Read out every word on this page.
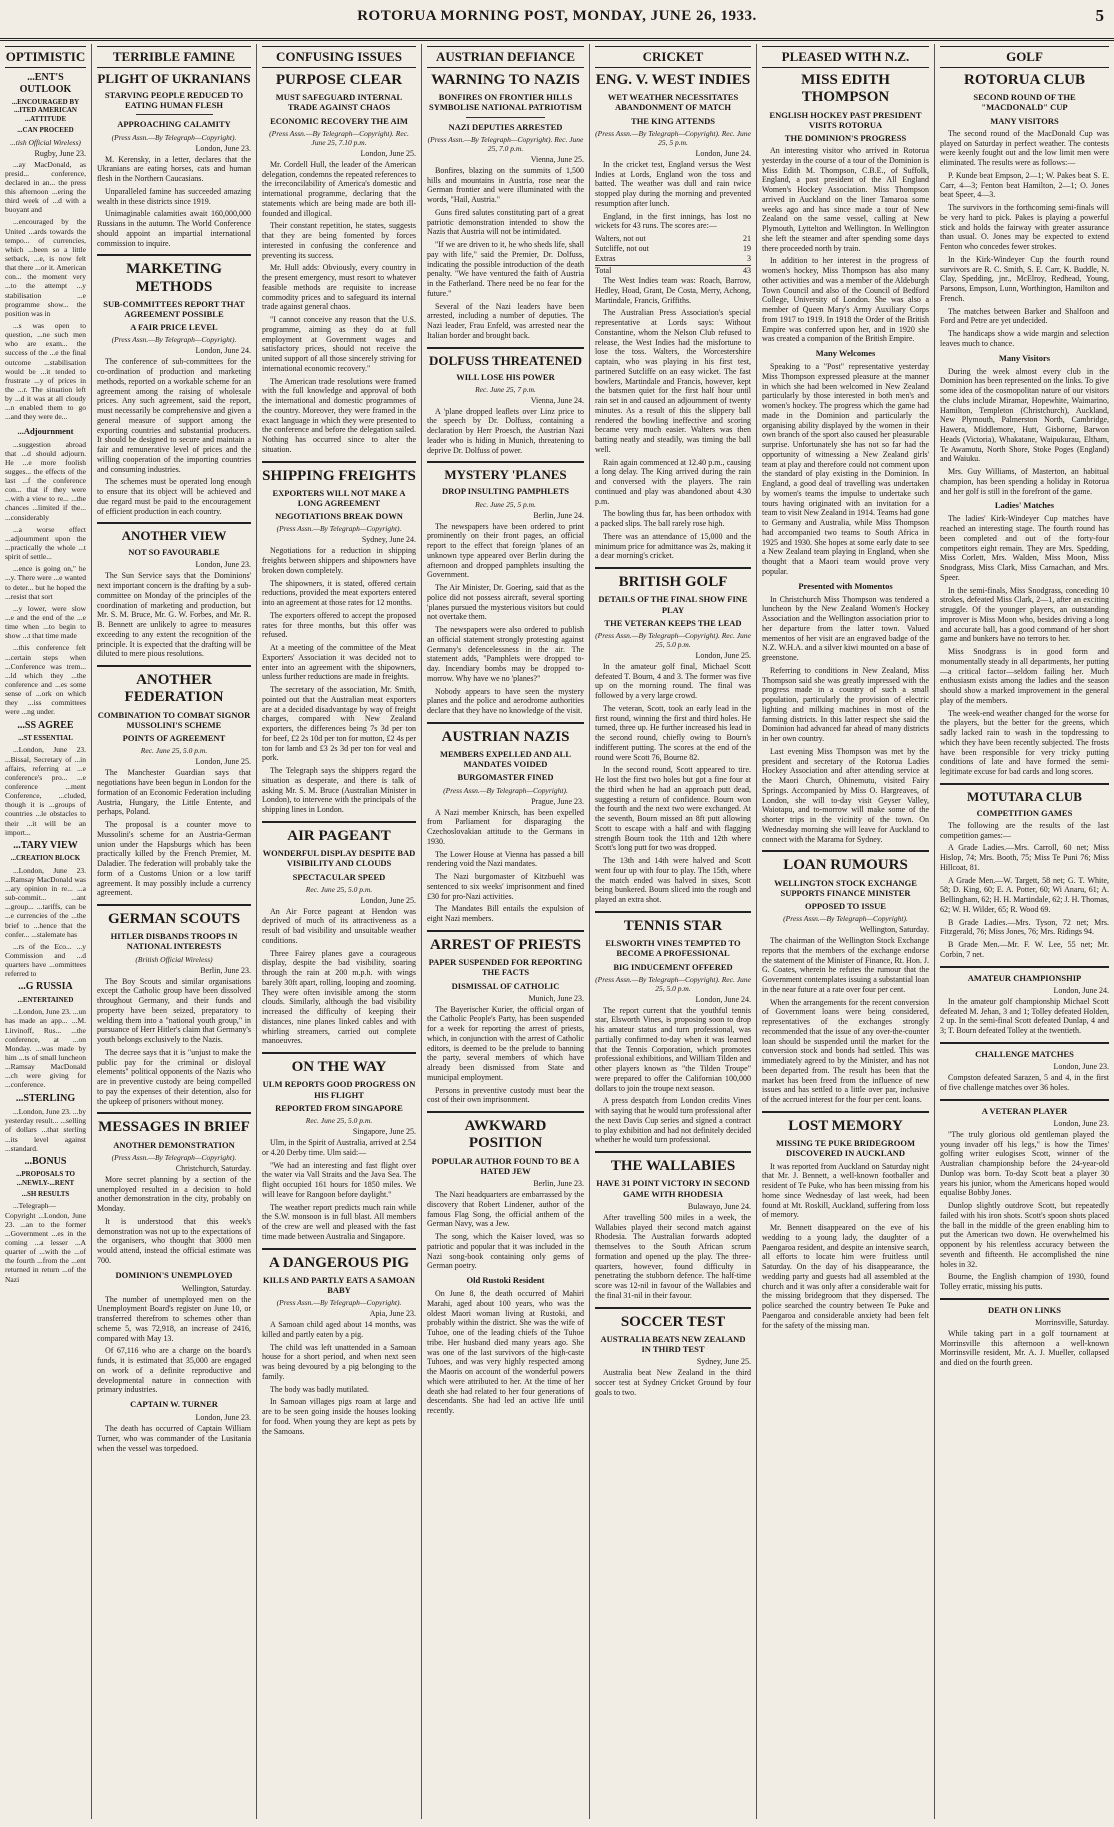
ROTORUA MORNING POST, MONDAY, JUNE 26, 1933.	5
OPTIMISTIC
...ENT'S OUTLOOK
...ENCOURAGED BY ...ITED AMERICAN ...ATTITUDE
...CAN PROCEED
...tish Official Wireless)
Rugby, June 23.

...ay MacDonald, as presid... conference, declared in an... the press this afternoon ...ering the third week of ...d with a buoyant and

...encouraged by the United ...ards towards the tempo... of currencies, which ...been so a little setback, ...e, is now felt that there ...or it. American con... the moment very ...to the attempt ...y stabilisation ...e programme show... the position was in

...s was open to question, ...ne such men who are exam... the success of the ...e the final outcome ...stabilisation would be ...it tended to frustrate ...y of prices in the ...r. The situation left by ...d it was at all cloudy ...n enabled them to go ...and they were de...

...Adjournment

...suggestion abroad that ...d should adjourn. He ...e more foolish sugges... the effects of the last ...f the conference con... that if they were ...with a view to re... ...the chances ...limited if the... ...considerably

...a worse effect ...adjournment upon the ...practically the whole ...t spirit of settle...

...ence is going on," he ...y. There were ...e wanted to deter... but he hoped the ...resist that sort

...y lower, were slow ...e and the end of the ...e time when ...to begin to show ...t that time made

...this conference felt ...certain steps when ...Conference was trem... ...ld which they ...the conference and ...es some sense of ...ork on which they ...iss committees were ...ng under.

...SS AGREE
...ST ESSENTIAL

...London, June 23. ...Bissal, Secretary of ...in affairs, referring at ...e conference's pro... ...e conference ...ment Conference, ...cluded, though it is ...groups of countries ...le obstacles to their ...it will be an import...

...TARY VIEW
...CREATION BLOCK

...London, June 23. ...Ramsay MacDonald was ...ary opinion in re... ...a sub-commit... ...ant ...group... ...tariffs, can be ...e currencies of the ...the brief to ...hence that the confer... ...stalemate has

...rs of the Eco... ...y Commission and ...d quarters have ...ommittees referred to

...G RUSSIA
...ENTERTAINED

...London, June 23. ...un has made an app... ...M. Litvinoff, Rus... ...the conference, at ...on Monday. ...was made by him ...ts of small luncheon ...Ramsay MacDonald ...ch were giving for ...conference.

...STERLING

...London, June 23. ...by yesterday result... ...selling of dollars ...that sterling ...its level against ...standard.

...BONUS
...PROPOSALS TO ...NEWLY-...RENT
...SH RESULTS

...Telegraph—Copyright ...London, June 23. ...an to the former ...Government ...es in the coming ...a lesser ...A quarter of ...with the ...of the fourth ...from the ...ent returned in return ...of the Nazi

TERRIBLE FAMINE
PLIGHT OF UKRANIANS
STARVING PEOPLE REDUCED TO EATING HUMAN FLESH
APPROACHING CALAMITY
(Press Assn.—By Telegraph—Copyright).
London, June 23.

M. Kerensky, in a letter, declares that the Ukranians are eating horses, cats and human flesh in the Northern Caucasians.

Unparalleled famine has succeeded amazing wealth in these districts since 1919.

Unimaginable calamities await 160,000,000 Russians in the autumn. The World Conference should appoint an impartial international commission to inquire.

MARKETING METHODS
SUB-COMMITTEES REPORT THAT AGREEMENT POSSIBLE
A FAIR PRICE LEVEL
(Press Assn.—By Telegraph—Copyright).
London, June 24.

The conference of sub-committees for the co-ordination of production and marketing methods, reported on a workable scheme for an agreement among the raising of wholesale prices. Any such agreement, said the report, must necessarily be comprehensive and given a general measure of support among the exporting countries and substantial producers. It should be designed to secure and maintain a fair and remunerative level of prices and the willing cooperation of the importing countries and consuming industries.

The schemes must be operated long enough to ensure that its object will be achieved and due regard must be paid to the encouragement of efficient production in each country.

ANOTHER VIEW
NOT SO FAVOURABLE
London, June 23.

The Sun Service says that the Dominions' next important concern is the drafting by a sub-committee on Monday of the principles of the coordination of marketing and production, but Mr. S. M. Bruce, Mr. G. W. Forbes, and Mr. R. B. Bennett are unlikely to agree to measures exceeding to any extent the recognition of the principle. It is expected that the drafting will be diluted to mere pious resolutions.

ANOTHER FEDERATION
COMBINATION TO COMBAT SIGNOR MUSSOLINI'S SCHEME
POINTS OF AGREEMENT
Rec. June 25, 5.0 p.m.
London, June 25.

The Manchester Guardian says that negotiations have been begun in London for the formation of an Economic Federation including Austria, Hungary, the Little Entente, and perhaps, Poland.

The proposal is a counter move to Mussolini's scheme for an Austria-German union under the Hapsburgs which has been practically killed by the French Premier, M. Daladier. The federation will probably take the form of a Customs Union or a low tariff agreement. It may possibly include a currency agreement.

GERMAN SCOUTS
HITLER DISBANDS TROOPS IN NATIONAL INTERESTS
(British Official Wireless)
Berlin, June 23.

The Boy Scouts and similar organisations except the Catholic group have been dissolved throughout Germany, and their funds and property have been seized, preparatory to welding them into a "national youth group," in pursuance of Herr Hitler's claim that Germany's youth belongs exclusively to the Nazis.

The decree says that it is "unjust to make the public pay for the criminal or disloyal elements" political opponents of the Nazis who are in preventive custody are being compelled to pay the expenses of their detention, also for the upkeep of prisoners without money.

MESSAGES IN BRIEF
ANOTHER DEMONSTRATION
(Press Assn.—By Telegraph—Copyright).
Christchurch, Saturday.

More secret planning by a section of the unemployed resulted in a decision to hold another demonstration in the city, probably on Monday.

It is understood that this week's demonstration was not up to the expectations of the organisers, who thought that 3000 men would attend, instead the official estimate was 700.

DOMINION'S UNEMPLOYED
Wellington, Saturday.

The number of unemployed men on the Unemployment Board's register on June 10, or transferred therefrom to schemes other than scheme 5, was 72,918, an increase of 2416, compared with May 13.

Of 67,116 who are a charge on the board's funds, it is estimated that 35,000 are engaged on work of a definite reproductive and developmental nature in connection with primary industries.

CAPTAIN W. TURNER
London, June 23.

The death has occurred of Captain William Turner, who was commander of the Lusitania when the vessel was torpedoed.

CONFUSING ISSUES
PURPOSE CLEAR
MUST SAFEGUARD INTERNAL TRADE AGAINST CHAOS
ECONOMIC RECOVERY THE AIM
(Press Assn.—By Telegraph—Copyright). Rec. June 25, 7.10 p.m.
London, June 25.

Mr. Cordell Hull, the leader of the American delegation, condemns the repeated references to the irreconcilability of America's domestic and international programme, declaring that the statements which are being made are both ill-founded and illogical.

Their constant repetition, he states, suggests that they are being fomented by forces interested in confusing the conference and preventing its success.

Mr. Hull adds: Obviously, every country in the present emergency, must resort to whatever feasible methods are requisite to increase commodity prices and to safeguard its internal trade against general chaos.

"I cannot conceive any reason that the U.S. programme, aiming as they do at full employment at Government wages and satisfactory prices, should not receive the united support of all those sincerely striving for international economic recovery."

The American trade resolutions were framed with the full knowledge and approval of both the international and domestic programmes of the country. Moreover, they were framed in the exact language in which they were presented to the conference and before the delegation sailed. Nothing has occurred since to alter the situation.

SHIPPING FREIGHTS
EXPORTERS WILL NOT MAKE A LONG AGREEMENT
NEGOTIATIONS BREAK DOWN
(Press Assn.—By Telegraph—Copyright).
Sydney, June 24.

Negotiations for a reduction in shipping freights between shippers and shipowners have broken down completely.

The shipowners, it is stated, offered certain reductions, provided the meat exporters entered into an agreement at those rates for 12 months.

The exporters offered to accept the proposed rates for three months, but this offer was refused.

At a meeting of the committee of the Meat Exporters' Association it was decided not to enter into an agreement with the shipowners, unless further reductions are made in freights.

The secretary of the association, Mr. Smith, pointed out that the Australian meat exporters are at a decided disadvantage by way of freight charges, compared with New Zealand exporters, the differences being 7s 3d per ton for beef, £2 2s 10d per ton for mutton, £2 4s per ton for lamb and £3 2s 3d per ton for veal and pork.

The Telegraph says the shippers regard the situation as desperate, and there is talk of asking Mr. S. M. Bruce (Australian Minister in London), to intervene with the principals of the shipping lines in London.

AIR PAGEANT
WONDERFUL DISPLAY DESPITE BAD VISIBILITY AND CLOUDS
SPECTACULAR SPEED
Rec. June 25, 5.0 p.m.
London, June 25.

An Air Force pageant at Hendon was deprived of much of its attractiveness as a result of bad visibility and unsuitable weather conditions.

Three Fairey planes gave a courageous display, despite the bad visibility, soaring through the rain at 200 m.p.h. with wings barely 30ft apart, rolling, looping and zooming. They were often invisible among the storm clouds. Similarly, although the bad visibility increased the difficulty of keeping their distances, nine planes linked cables and with whirling streamers, carried out complete manoeuvres.

ON THE WAY
ULM REPORTS GOOD PROGRESS ON HIS FLIGHT
REPORTED FROM SINGAPORE
Rec. June 25, 5.0 p.m.
Singapore, June 25.

Ulm, in the Spirit of Australia, arrived at 2.54 or 4.20 Derby time. Ulm said:—

"We had an interesting and fast flight over the water via Vall Straits and the Java Sea. The flight occupied 161 hours for 1850 miles. We will leave for Rangoon before daylight."

The weather report predicts much rain while the S.W. monsoon is in full blast. All members of the crew are well and pleased with the fast time made between Australia and Singapore.

A DANGEROUS PIG
KILLS AND PARTLY EATS A SAMOAN BABY
(Press Assn.—By Telegraph—Copyright).
Apia, June 23.

A Samoan child aged about 14 months, was killed and partly eaten by a pig.

The child was left unattended in a Samoan house for a short period, and when next seen was being devoured by a pig belonging to the family.

The body was badly mutilated.

In Samoan villages pigs roam at large and are to be seen going inside the houses looking for food. When young they are kept as pets by the Samoans.

AUSTRIAN DEFIANCE
WARNING TO NAZIS
BONFIRES ON FRONTIER HILLS SYMBOLISE NATIONAL PATRIOTISM
NAZI DEPUTIES ARRESTED
(Press Assn.—By Telegraph—Copyright). Rec. June 25, 7.0 p.m.
Vienna, June 25.

Bonfires, blazing on the summits of 1,500 hills and mountains in Austria, rose near the German frontier and were illuminated with the words, "Hail, Austria."

Guns fired salutes constituting part of a great patriotic demonstration intended to show the Nazis that Austria will not be intimidated.

"If we are driven to it, he who sheds life, shall pay with life," said the Premier, Dr. Dolfuss, indicating the possible introduction of the death penalty. "We have ventured the faith of Austria in the Fatherland. There need be no fear for the future."

Several of the Nazi leaders have been arrested, including a number of deputies. The Nazi leader, Frau Enfeld, was arrested near the Italian border and brought back.

DOLFUSS THREATENED
WILL LOSE HIS POWER
Rec. June 25, 7 p.m.
Vienna, June 24.

A 'plane dropped leaflets over Linz price to the speech by Dr. Dolfuss, containing a declaration by Herr Proesch, the Austrian Nazi leader who is hiding in Munich, threatening to deprive Dr. Dolfuss of power.

MYSTERY 'PLANES
DROP INSULTING PAMPHLETS
Rec. June 25, 5 p.m.
Berlin, June 24.

The newspapers have been ordered to print prominently on their front pages, an official report to the effect that foreign 'planes of an unknown type appeared over Berlin during the afternoon and dropped pamphlets insulting the Government.

The Air Minister, Dr. Goering, said that as the police did not possess aircraft, several sporting 'planes pursued the mysterious visitors but could not overtake them.

The newspapers were also ordered to publish an official statement strongly protesting against Germany's defencelessness in the air. The statement adds, "Pamphlets were dropped to-day. Incendiary bombs may be dropped to-morrow. Why have we no 'planes?"

Nobody appears to have seen the mystery planes and the police and aerodrome authorities declare that they have no knowledge of the visit.

AUSTRIAN NAZIS
MEMBERS EXPELLED AND ALL MANDATES VOIDED
BURGOMASTER FINED
(Press Assn.—By Telegraph—Copyright).
Prague, June 23.

A Nazi member Knirsch, has been expelled from Parliament for disparaging the Czechoslovakian attitude to the Germans in 1930.

The Lower House at Vienna has passed a bill rendering void the Nazi mandates.

The Nazi burgomaster of Kitzbuehl was sentenced to six weeks' imprisonment and fined £30 for pro-Nazi activities.

The Mandates Bill entails the expulsion of eight Nazi members.

ARREST OF PRIESTS
PAPER SUSPENDED FOR REPORTING THE FACTS
DISMISSAL OF CATHOLIC
Munich, June 23.

The Bayerischer Kurier, the official organ of the Catholic People's Party, has been suspended for a week for reporting the arrest of priests, which, in conjunction with the arrest of Catholic editors, is deemed to be the prelude to banning the party, several members of which have already been dismissed from State and municipal employment.

Persons in preventive custody must bear the cost of their own imprisonment.

AWKWARD POSITION
POPULAR AUTHOR FOUND TO BE A HATED JEW
Berlin, June 23.

The Nazi headquarters are embarrassed by the discovery that Robert Lindener, author of the famous Flag Song, the official anthem of the German Navy, was a Jew.

The song, which the Kaiser loved, was so patriotic and popular that it was included in the Nazi song-book containing only gems of German poetry.

Old Rustoki Resident

On June 8, the death occurred of Mahiri Marahi, aged about 100 years, who was the oldest Maori woman living at Rustoki, and probably within the district. She was the wife of Tuhoe, one of the leading chiefs of the Tuhoe tribe. Her husband died many years ago. She was one of the last survivors of the high-caste Tuhoes, and was very highly respected among the Maoris on account of the wonderful powers which were attributed to her. At the time of her death she had related to her four generations of descendants. She had led an active life until recently.

CRICKET
ENG. V. WEST INDIES
WET WEATHER NECESSITATES ABANDONMENT OF MATCH
THE KING ATTENDS
(Press Assn.—By Telegraph—Copyright). Rec. June 25, 5 p.m.
London, June 24.

In the cricket test, England versus the West Indies at Lords, England won the toss and batted. The weather was dull and rain twice stopped play during the morning and prevented resumption after lunch.

England, in the first innings, has lost no wickets for 43 runs. The scores are:—

Walters, not out	21
Sutcliffe, not out	19
Extras	3
Total	43

The West Indies team was: Roach, Barrow, Hedley, Hoad, Grant, De Costa, Merry, Achong, Martindale, Francis, Griffiths.

The Australian Press Association's special representative at Lords says: Without Constantine, whom the Nelson Club refused to release, the West Indies had the misfortune to lose the toss. Walters, the Worcestershire captain, who was playing in his first test, partnered Sutcliffe on an easy wicket. The fast bowlers, Martindale and Francis, however, kept the batsmen quiet for the first half hour until rain set in and caused an adjournment of twenty minutes. As a result of this the slippery ball rendered the bowling ineffective and scoring became very much easier. Walters was then batting neatly and steadily, was timing the ball well.

Rain again commenced at 12.40 p.m., causing a long delay. The King arrived during the rain and conversed with the players. The rain continued and play was abandoned about 4.30 p.m.

The bowling thus far, has been orthodox with a packed slips. The ball rarely rose high.

There was an attendance of 15,000 and the minimum price for admittance was 2s, making it a dear morning's cricket.

BRITISH GOLF
DETAILS OF THE FINAL SHOW FINE PLAY
THE VETERAN KEEPS THE LEAD
(Press Assn.—By Telegraph—Copyright). Rec. June 25, 5.0 p.m.
London, June 25.

In the amateur golf final, Michael Scott defeated T. Bourn, 4 and 3. The former was five up on the morning round. The final was followed by a very large crowd.

The veteran, Scott, took an early lead in the first round, winning the first and third holes. He turned, three up. He further increased his lead in the second round, chiefly owing to Bourn's indifferent putting. The scores at the end of the round were Scott 76, Bourne 82.

In the second round, Scott appeared to tire. He lost the first two holes but got a fine four at the third when he had an approach putt dead, suggesting a return of confidence. Bourn won the fourth and the next two were exchanged. At the seventh, Bourn missed an 8ft putt allowing Scott to escape with a half and with flagging strength Bourn took the 11th and 12th where Scott's long putt for two was dropped.

The 13th and 14th were halved and Scott went four up with four to play. The 15th, where the match ended was halved in sixes, Scott being bunkered. Bourn sliced into the rough and played an extra shot.

TENNIS STAR
ELSWORTH VINES TEMPTED TO BECOME A PROFESSIONAL
BIG INDUCEMENT OFFERED
(Press Assn.—By Telegraph—Copyright). Rec. June 25, 5.0 p.m.
London, June 24.

The report current that the youthful tennis star, Elsworth Vines, is proposing soon to drop his amateur status and turn professional, was partially confirmed to-day when it was learned that the Tennis Corporation, which promotes professional exhibitions, and William Tilden and other players known as "the Tilden Troupe" were prepared to offer the Californian 100,000 dollars to join the troupe next season.

A press despatch from London credits Vines with saying that he would turn professional after the next Davis Cup series and signed a contract to play exhibition and had not definitely decided whether he would turn professional.

THE WALLABIES
HAVE 31 POINT VICTORY IN SECOND GAME WITH RHODESIA
Bulawayo, June 24.

After travelling 500 miles in a week, the Wallabies played their second match against Rhodesia. The Australian forwards adopted themselves to the South African scrum formation and opened up the play. The three-quarters, however, found difficulty in penetrating the stubborn defence. The half-time score was 12-nil in favour of the Wallabies and the final 31-nil in their favour.

SOCCER TEST
AUSTRALIA BEATS NEW ZEALAND IN THIRD TEST
Sydney, June 25.

Australia beat New Zealand in the third soccer test at Sydney Cricket Ground by four goals to two.

PLEASED WITH N.Z.
MISS EDITH THOMPSON
ENGLISH HOCKEY PAST PRESIDENT VISITS ROTORUA
THE DOMINION'S PROGRESS

An interesting visitor who arrived in Rotorua yesterday in the course of a tour of the Dominion is Miss Edith M. Thompson, C.B.E., of Suffolk, England, a past president of the All England Women's Hockey Association. Miss Thompson arrived in Auckland on the liner Tamaroa some weeks ago and has since made a tour of New Zealand on the same vessel, calling at New Plymouth, Lyttelton and Wellington. In Wellington she left the steamer and after spending some days there proceeded north by train.

In addition to her interest in the progress of women's hockey, Miss Thompson has also many other activities and was a member of the Aldeburgh Town Council and also of the Council of Bedford College, University of London. She was also a member of Queen Mary's Army Auxiliary Corps from 1917 to 1919. In 1918 the Order of the British Empire was conferred upon her, and in 1920 she was created a companion of the British Empire.

Many Welcomes

Speaking to a "Post" representative yesterday Miss Thompson expressed pleasure at the manner in which she had been welcomed in New Zealand particularly by those interested in both men's and women's hockey. The progress which the game had made in the Dominion and particularly the organising ability displayed by the women in their own branch of the sport also caused her pleasurable surprise. Unfortunately she has not so far had the opportunity of witnessing a New Zealand girls' team at play and therefore could not comment upon the standard of play existing in the Dominion. In England, a good deal of travelling was undertaken by women's teams the impulse to undertake such tours having originated with an invitation for a team to visit New Zealand in 1914. Teams had gone to Germany and Australia, while Miss Thompson had accompanied two teams to South Africa in 1925 and 1930. She hopes at some early date to see a New Zealand team playing in England, when she thought that a Maori team would prove very popular.

Presented with Momentos

In Christchurch Miss Thompson was tendered a luncheon by the New Zealand Women's Hockey Association and the Wellington association prior to her departure from the latter town. Valued mementos of her visit are an engraved badge of the N.Z. W.H.A. and a silver kiwi mounted on a base of greenstone.

Referring to conditions in New Zealand, Miss Thompson said she was greatly impressed with the progress made in a country of such a small population, particularly the provision of electric lighting and milking machines in most of the farming districts. In this latter respect she said the Dominion had advanced far ahead of many districts in her own country.

Last evening Miss Thompson was met by the president and secretary of the Rotorua Ladies Hockey Association and after attending service at the Maori Church, Ohinemutu, visited Fairy Springs. Accompanied by Miss O. Hargreaves, of London, she will to-day visit Geyser Valley, Waiotapu, and to-morrow will make some of the shorter trips in the vicinity of the town. On Wednesday morning she will leave for Auckland to connect with the Marama for Sydney.

LOAN RUMOURS
WELLINGTON STOCK EXCHANGE SUPPORTS FINANCE MINISTER
OPPOSED TO ISSUE
(Press Assn.—By Telegraph—Copyright).
Wellington, Saturday.

The chairman of the Wellington Stock Exchange reports that the members of the exchange endorse the statement of the Minister of Finance, Rt. Hon. J. G. Coates, wherein he refutes the rumour that the Government contemplates issuing a substantial loan in the near future at a rate over four per cent.

When the arrangements for the recent conversion of Government loans were being considered, representatives of the exchanges strongly recommended that the issue of any over-the-counter loan should be suspended until the market for the conversion stock and bonds had settled. This was immediately agreed to by the Minister, and has not been departed from. The result has been that the market has been freed from the influence of new issues and has settled to a little over par, inclusive of the accrued interest for the four per cent. loans.

LOST MEMORY
MISSING TE PUKE BRIDEGROOM DISCOVERED IN AUCKLAND

It was reported from Auckland on Saturday night that Mr. J. Bennett, a well-known footballer and resident of Te Puke, who has been missing from his home since Wednesday of last week, had been found at Mt. Roskill, Auckland, suffering from loss of memory.

Mr. Bennett disappeared on the eve of his wedding to a young lady, the daughter of a Paengaroa resident, and despite an intensive search, all efforts to locate him were fruitless until Saturday. On the day of his disappearance, the wedding party and guests had all assembled at the church and it was only after a considerable wait for the missing bridegroom that they dispersed. The police searched the country between Te Puke and Paengaroa and considerable anxiety had been felt for the safety of the missing man.

GOLF
ROTORUA CLUB
SECOND ROUND OF THE "MACDONALD" CUP
MANY VISITORS

The second round of the MacDonald Cup was played on Saturday in perfect weather. The contests were keenly fought out and the low limit men were eliminated. The results were as follows:—

P. Kunde beat Empson, 2—1; W. Pakes beat S. E. Carr, 4—3; Fenton beat Hamilton, 2—1; O. Jones beat Speer, 4—3.

The survivors in the forthcoming semi-finals will be very hard to pick. Pakes is playing a powerful stick and holds the fairway with greater assurance than usual. O. Jones may be expected to extend Fenton who concedes fewer strokes.

In the Kirk-Windeyer Cup the fourth round survivors are R. C. Smith, S. E. Carr, K. Buddle, N. Clay, Spedding, jnr., McElroy, Redhead, Young, Parsons, Empson, Lunn, Worthington, Hamilton and French.

The matches between Barker and Shalfoon and Ford and Petre are yet undecided.

The handicaps show a wide margin and selection leaves much to chance.

Many Visitors

During the week almost every club in the Dominion has been represented on the links. To give some idea of the cosmopolitan nature of our visitors the clubs include Miramar, Hopewhite, Waimarino, Hamilton, Templeton (Christchurch), Auckland, New Plymouth, Palmerston North, Cambridge, Hawera, Middlemore, Hutt, Gisborne, Barwon Heads (Victoria), Whakatane, Waipukurau, Eltham, Te Awamutu, North Shore, Stoke Poges (England) and Waiuku.

Mrs. Guy Williams, of Masterton, an habitual champion, has been spending a holiday in Rotorua and her golf is still in the forefront of the game.

Ladies' Matches

The ladies' Kirk-Windeyer Cup matches have reached an interesting stage. The fourth round has been completed and out of the forty-four competitors eight remain. They are Mrs. Spedding, Miss Corlett, Mrs. Walden, Miss Moon, Miss Snodgrass, Miss Clark, Miss Carnachan, and Mrs. Speer.

In the semi-finals, Miss Snodgrass, conceding 10 strokes, defeated Miss Clark, 2—1, after an exciting struggle. Of the younger players, an outstanding improver is Miss Moon who, besides driving a long and accurate ball, has a good command of her short game and bunkers have no terrors to her.

Miss Snodgrass is in good form and monumentally steady in all departments, her putting—a critical factor—seldom failing her. Much enthusiasm exists among the ladies and the season should show a marked improvement in the general play of the members.

The week-end weather changed for the worse for the players, but the better for the greens, which sadly lacked rain to wash in the topdressing to which they have been recently subjected. The frosts have been responsible for very tricky putting conditions of late and have formed the semi-legitimate excuse for bad cards and long scores.

MOTUTARA CLUB
COMPETITION GAMES

The following are the results of the last competition games:—

A Grade Ladies.—Mrs. Carroll, 60 net; Miss Hislop, 74; Mrs. Booth, 75; Miss Te Puni 76; Miss Hillcoat, 81.

A Grade Men.—W. Targett, 58 net; G. T. White, 58; D. King, 60; E. A. Potter, 60; Wi Anaru, 61; A. Bellingham, 62; H. H. Martindale, 62; J. H. Thomas, 62; W. H. Wilder, 65; R. Wood 69.

B Grade Ladies.—Mrs. Tyson, 72 net; Mrs. Fitzgerald, 76; Miss Jones, 76; Mrs. Ridings 94.

B Grade Men.—Mr. F. W. Lee, 55 net; Mr. Corbin, 7 net.

AMATEUR CHAMPIONSHIP
London, June 24.

In the amateur golf championship Michael Scott defeated M. Jehan, 3 and 1; Tolley defeated Holden, 2 up. In the semi-final Scott defeated Dunlap, 4 and 3; T. Bourn defeated Tolley at the twentieth.

CHALLENGE MATCHES
London, June 23.

Compston defeated Sarazen, 5 and 4, in the first of five challenge matches over 36 holes.

A VETERAN PLAYER
London, June 23.

"The truly glorious old gentleman played the young invader off his legs," is how the Times' golfing writer eulogises Scott, winner of the Australian championship before the 24-year-old Dunlop was born. To-day Scott beat a player 30 years his junior, whom the Americans hoped would equalise Bobby Jones.

Dunlop slightly outdrove Scott, but repeatedly failed with his iron shots. Scott's spoon shots placed the ball in the middle of the green enabling him to put the American two down. He overwhelmed his opponent by his relentless accuracy between the seventh and fifteenth. He accomplished the nine holes in 32.

Bourne, the English champion of 1930, found Tolley erratic, missing his putts.

DEATH ON LINKS
Morrinsville, Saturday.

While taking part in a golf tournament at Morrinsville this afternoon a well-known Morrinsville resident, Mr. A. J. Mueller, collapsed and died on the fourth green.
